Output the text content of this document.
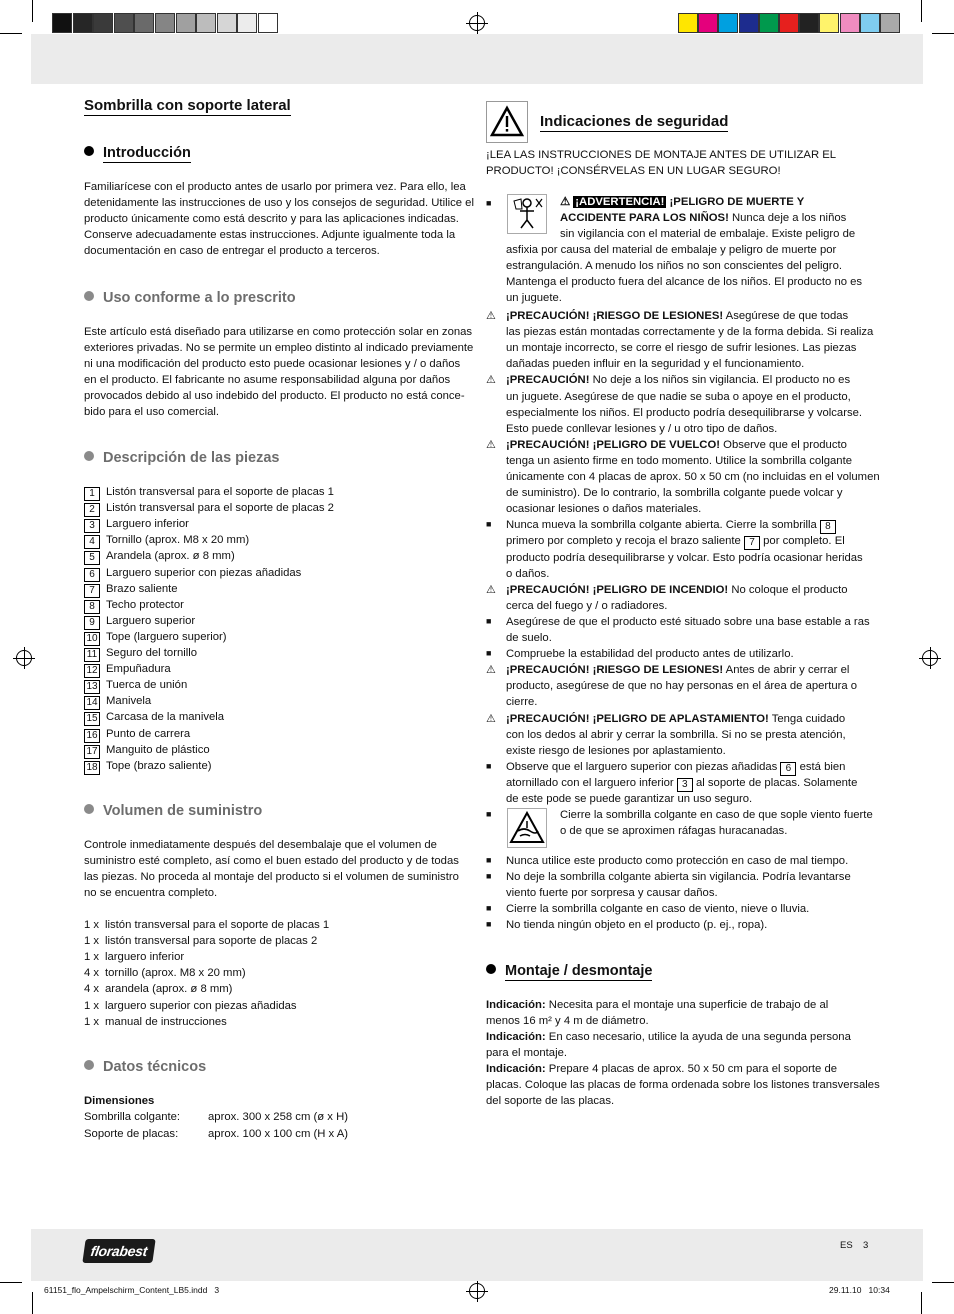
Sombrilla con soporte lateral
Introducción
Familiarícese con el producto antes de usarlo por primera vez. Para ello, lea
detenidamente las instrucciones de uso y los consejos de seguridad. Utilice el
producto únicamente como está descrito y para las aplicaciones indicadas.
Conserve adecuadamente estas instrucciones. Adjunte igualmente toda la
documentación en caso de entregar el producto a terceros.
Uso conforme a lo prescrito
Este artículo está diseñado para utilizarse en como protección solar en zonas
exteriores privadas. No se permite un empleo distinto al indicado previamente
ni una modificación del producto esto puede ocasionar lesiones y / o daños
en el producto. El fabricante no asume responsabilidad alguna por daños
provocados debido al uso indebido del producto. El producto no está conce-
bido para el uso comercial.
Descripción de las piezas
1 Listón transversal para el soporte de placas 1
2 Listón transversal para el soporte de placas 2
3 Larguero inferior
4 Tornillo (aprox. M8 x 20 mm)
5 Arandela (aprox. ø 8 mm)
6 Larguero superior con piezas añadidas
7 Brazo saliente
8 Techo protector
9 Larguero superior
10 Tope (larguero superior)
11 Seguro del tornillo
12 Empuñadura
13 Tuerca de unión
14 Manivela
15 Carcasa de la manivela
16 Punto de carrera
17 Manguito de plástico
18 Tope (brazo saliente)
Volumen de suministro
Controle inmediatamente después del desembalaje que el volumen de
suministro esté completo, así como el buen estado del producto y de todas
las piezas. No proceda al montaje del producto si el volumen de suministro
no se encuentra completo.
1 x listón transversal para el soporte de placas 1
1 x listón transversal para soporte de placas 2
1 x larguero inferior
4 x tornillo (aprox. M8 x 20 mm)
4 x arandela (aprox. ø 8 mm)
1 x larguero superior con piezas añadidas
1 x manual de instrucciones
Datos técnicos
Dimensiones
Sombrilla colgante: aprox. 300 x 258 cm (ø x H)
Soporte de placas:	aprox. 100 x 100 cm (H x A)
Indicaciones de seguridad
¡LEA LAS INSTRUCCIONES DE MONTAJE ANTES DE UTILIZAR EL
PRODUCTO! ¡CONSÉRVELAS EN UN LUGAR SEGURO!
■	⚠ ¡ADVERTENCIA! ¡PELIGRO DE MUERTE Y
ACCIDENTE PARA LOS NIÑOS! Nunca deje a los niños
sin vigilancia con el material de embalaje. Existe peligro de
asfixia por causa del material de embalaje y peligro de muerte por
estrangulación. A menudo los niños no son conscientes del peligro.
Mantenga el producto fuera del alcance de los niños. El producto no es
un juguete.
⚠ ¡PRECAUCIÓN! ¡RIESGO DE LESIONES! Asegúrese de que todas
las piezas están montadas correctamente y de la forma debida. Si realiza
un montaje incorrecto, se corre el riesgo de sufrir lesiones. Las piezas
dañadas pueden influir en la seguridad y el funcionamiento.
⚠ ¡PRECAUCIÓN! No deje a los niños sin vigilancia. El producto no es
un juguete. Asegúrese de que nadie se suba o apoye en el producto,
especialmente los niños. El producto podría desequilibrarse y volcarse.
Esto puede conllevar lesiones y / u otro tipo de daños.
⚠ ¡PRECAUCIÓN! ¡PELIGRO DE VUELCO! Observe que el producto
tenga un asiento firme en todo momento. Utilice la sombrilla colgante
únicamente con 4 placas de aprox. 50 x 50 cm (no incluidas en el volumen
de suministro). De lo contrario, la sombrilla colgante puede volcar y
ocasionar lesiones o daños materiales.
■ Nunca mueva la sombrilla colgante abierta. Cierre la sombrilla 8
primero por completo y recoja el brazo saliente 7 por completo. El
producto podría desequilibrarse y volcar. Esto podría ocasionar heridas
o daños.
⚠ ¡PRECAUCIÓN! ¡PELIGRO DE INCENDIO! No coloque el producto
cerca del fuego y / o radiadores.
■ Asegúrese de que el producto esté situado sobre una base estable a ras
de suelo.
■ Compruebe la estabilidad del producto antes de utilizarlo.
⚠ ¡PRECAUCIÓN! ¡RIESGO DE LESIONES! Antes de abrir y cerrar el
producto, asegúrese de que no hay personas en el área de apertura o
cierre.
⚠ ¡PRECAUCIÓN! ¡PELIGRO DE APLASTAMIENTO! Tenga cuidado
con los dedos al abrir y cerrar la sombrilla. Si no se presta atención,
existe riesgo de lesiones por aplastamiento.
■ Observe que el larguero superior con piezas añadidas 6 está bien
atornillado con el larguero inferior 3 al soporte de placas. Solamente
de este pode se puede garantizar un uso seguro.
■	Cierre la sombrilla colgante en caso de que sople viento fuerte
o de que se aproximen ráfagas huracanadas.
■ Nunca utilice este producto como protección en caso de mal tiempo.
■ No deje la sombrilla colgante abierta sin vigilancia. Podría levantarse
viento fuerte por sorpresa y causar daños.
■ Cierre la sombrilla colgante en caso de viento, nieve o lluvia.
■ No tienda ningún objeto en el producto (p. ej., ropa).
Montaje / desmontaje
Indicación: Necesita para el montaje una superficie de trabajo de al
menos 16 m² y 4 m de diámetro.
Indicación: En caso necesario, utilice la ayuda de una segunda persona
para el montaje.
Indicación: Prepare 4 placas de aprox. 50 x 50 cm para el soporte de
placas. Coloque las placas de forma ordenada sobre los listones transversales
del soporte de las placas.
florabest	ES 3
61151_flo_Ampelschirm_Content_LB5.indd   3	29.11.10   10:34
